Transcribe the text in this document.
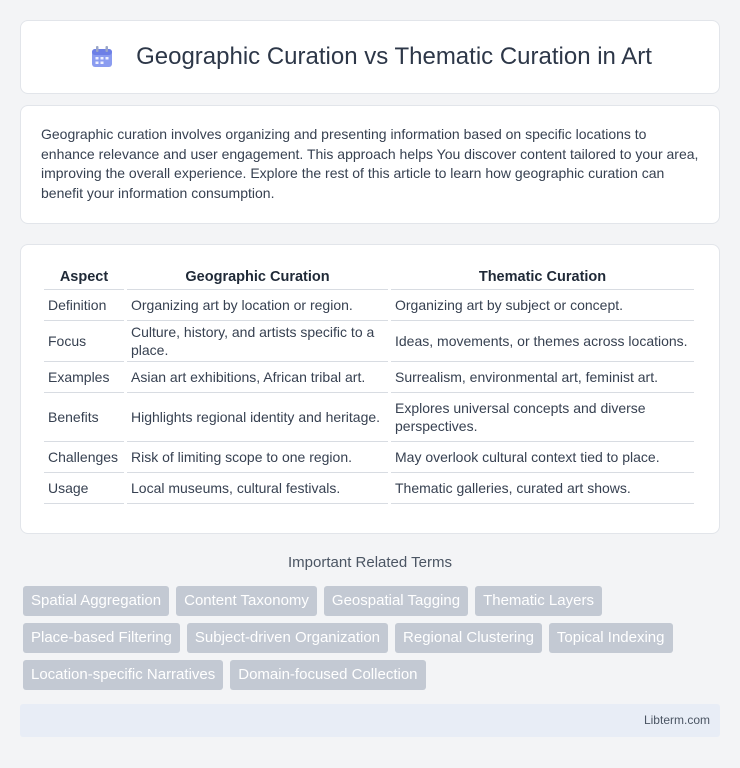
Geographic Curation vs Thematic Curation in Art

Geographic curation involves organizing and presenting information based on specific locations to enhance relevance and user engagement. This approach helps You discover content tailored to your area, improving the overall experience. Explore the rest of this article to learn how geographic curation can benefit your information consumption.

Aspect	Geographic Curation	Thematic Curation
Definition	Organizing art by location or region.	Organizing art by subject or concept.
Focus	Culture, history, and artists specific to a place.	Ideas, movements, or themes across locations.
Examples	Asian art exhibitions, African tribal art.	Surrealism, environmental art, feminist art.
Benefits	Highlights regional identity and heritage.	Explores universal concepts and diverse perspectives.
Challenges	Risk of limiting scope to one region.	May overlook cultural context tied to place.
Usage	Local museums, cultural festivals.	Thematic galleries, curated art shows.
Important Related Terms
Spatial Aggregation	Content Taxonomy	Geospatial Tagging	Thematic Layers
Place-based Filtering	Subject-driven Organization	Regional Clustering	Topical Indexing
Location-specific Narratives	Domain-focused Collection
Libterm.com
